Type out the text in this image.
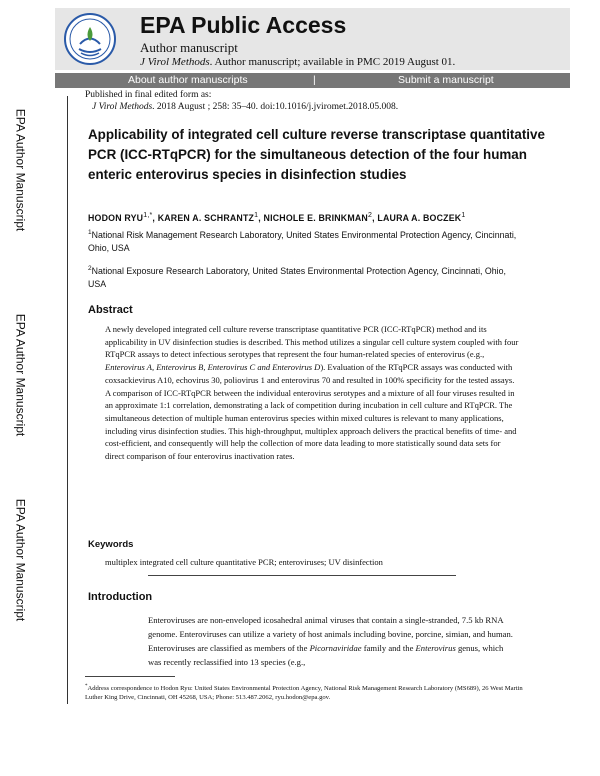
EPA Public Access
Author manuscript
J Virol Methods. Author manuscript; available in PMC 2019 August 01.
About author manuscripts	|	Submit a manuscript
EPA Author Manuscript
EPA Author Manuscript
EPA Author Manuscript
Published in final edited form as:
J Virol Methods. 2018 August ; 258: 35–40. doi:10.1016/j.jviromet.2018.05.008.
Applicability of integrated cell culture reverse transcriptase quantitative PCR (ICC-RTqPCR) for the simultaneous detection of the four human enteric enterovirus species in disinfection studies
HODON $RYU^{1,*}$, KAREN A. SCHRANTZ$^1$, NICHOLE E. BRINKMAN$^2$, LAURA A. BOCZEK$^1$
$^1$National Risk Management Research Laboratory, United States Environmental Protection Agency, Cincinnati, Ohio, USA
$^2$National Exposure Research Laboratory, United States Environmental Protection Agency, Cincinnati, Ohio, USA
Abstract
A newly developed integrated cell culture reverse transcriptase quantitative PCR (ICC-RTqPCR) method and its applicability in UV disinfection studies is described. This method utilizes a singular cell culture system coupled with four RTqPCR assays to detect infectious serotypes that represent the four human-related species of enterovirus (e.g., Enterovirus A, Enterovirus B, Enterovirus C and Enterovirus D). Evaluation of the RTqPCR assays was conducted with coxsackievirus A10, echovirus 30, poliovirus 1 and enterovirus 70 and resulted in 100% specificity for the tested assays. A comparison of ICC-RTqPCR between the individual enterovirus serotypes and a mixture of all four viruses resulted in an approximate 1:1 correlation, demonstrating a lack of competition during incubation in cell culture and RTqPCR. The simultaneous detection of multiple human enterovirus species within mixed cultures is relevant to many applications, including virus disinfection studies. This high-throughput, multiplex approach delivers the practical benefits of time- and cost-efficient, and consequently will help the collection of more data leading to more statistically sound data sets for direct comparison of four enterovirus inactivation rates.
Keywords
multiplex integrated cell culture quantitative PCR; enteroviruses; UV disinfection
Introduction
Enteroviruses are non-enveloped icosahedral animal viruses that contain a single-stranded, 7.5 kb RNA genome. Enteroviruses can utilize a variety of host animals including bovine, porcine, simian, and human. Enteroviruses are classified as members of the Picornaviridae family and the Enterovirus genus, which was recently reclassified into 13 species (e.g.,
*Address correspondence to Hodon Ryu: United States Environmental Protection Agency, National Risk Management Research Laboratory (MS689), 26 West Martin Luther King Drive, Cincinnati, OH 45268, USA; Phone: 513.487.2062, ryu.hodon@epa.gov.
